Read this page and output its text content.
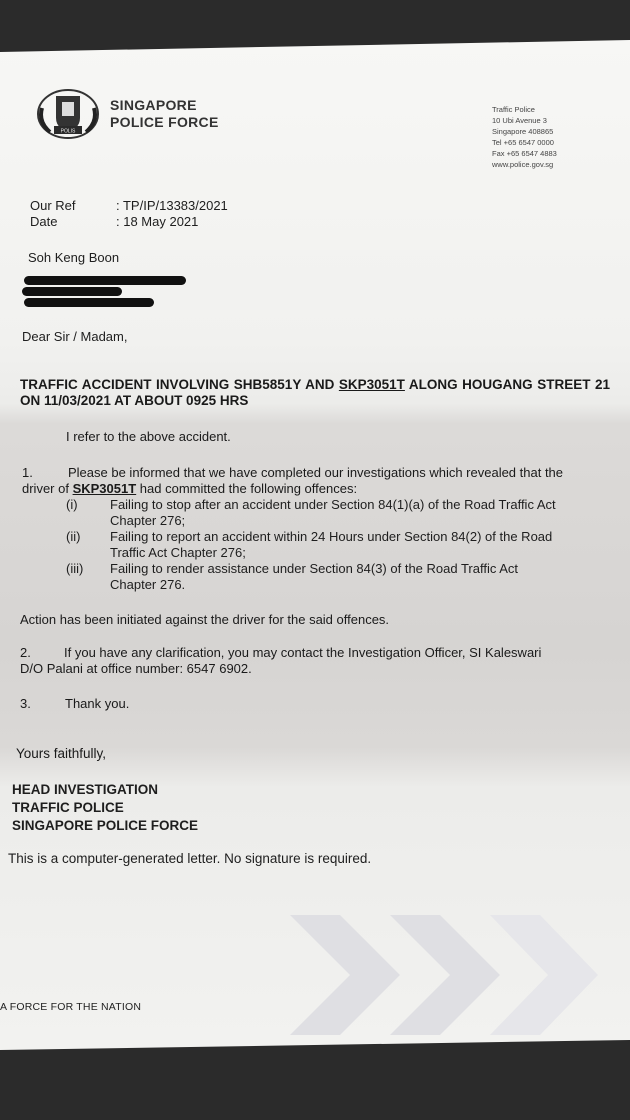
POLIS
SINGAPORE
POLICE FORCE
Traffic Police
10 Ubi Avenue 3
Singapore 408865
Tel +65 6547 0000
Fax +65 6547 4883
www.police.gov.sg
Our Ref	: TP/IP/13383/2021
Date	: 18 May 2021
Soh Keng Boon
Dear Sir / Madam,
TRAFFIC ACCIDENT INVOLVING SHB5851Y AND SKP3051T ALONG HOUGANG STREET 21 ON 11/03/2021 AT ABOUT 0925 HRS
I refer to the above accident.
1.	Please be informed that we have completed our investigations which revealed that the
driver of SKP3051T had committed the following offences:
(i)	Failing to stop after an accident under Section 84(1)(a) of the Road Traffic Act
Chapter 276;
(ii)	Failing to report an accident within 24 Hours under Section 84(2) of the Road
Traffic Act Chapter 276;
(iii)	Failing to render assistance under Section 84(3) of the Road Traffic Act
Chapter 276.
Action has been initiated against the driver for the said offences.
2.	If you have any clarification, you may contact the Investigation Officer, SI Kaleswari
D/O Palani at office number: 6547 6902.
3.	Thank you.
Yours faithfully,
HEAD INVESTIGATION
TRAFFIC POLICE
SINGAPORE POLICE FORCE
This is a computer-generated letter. No signature is required.
A FORCE FOR THE NATION
